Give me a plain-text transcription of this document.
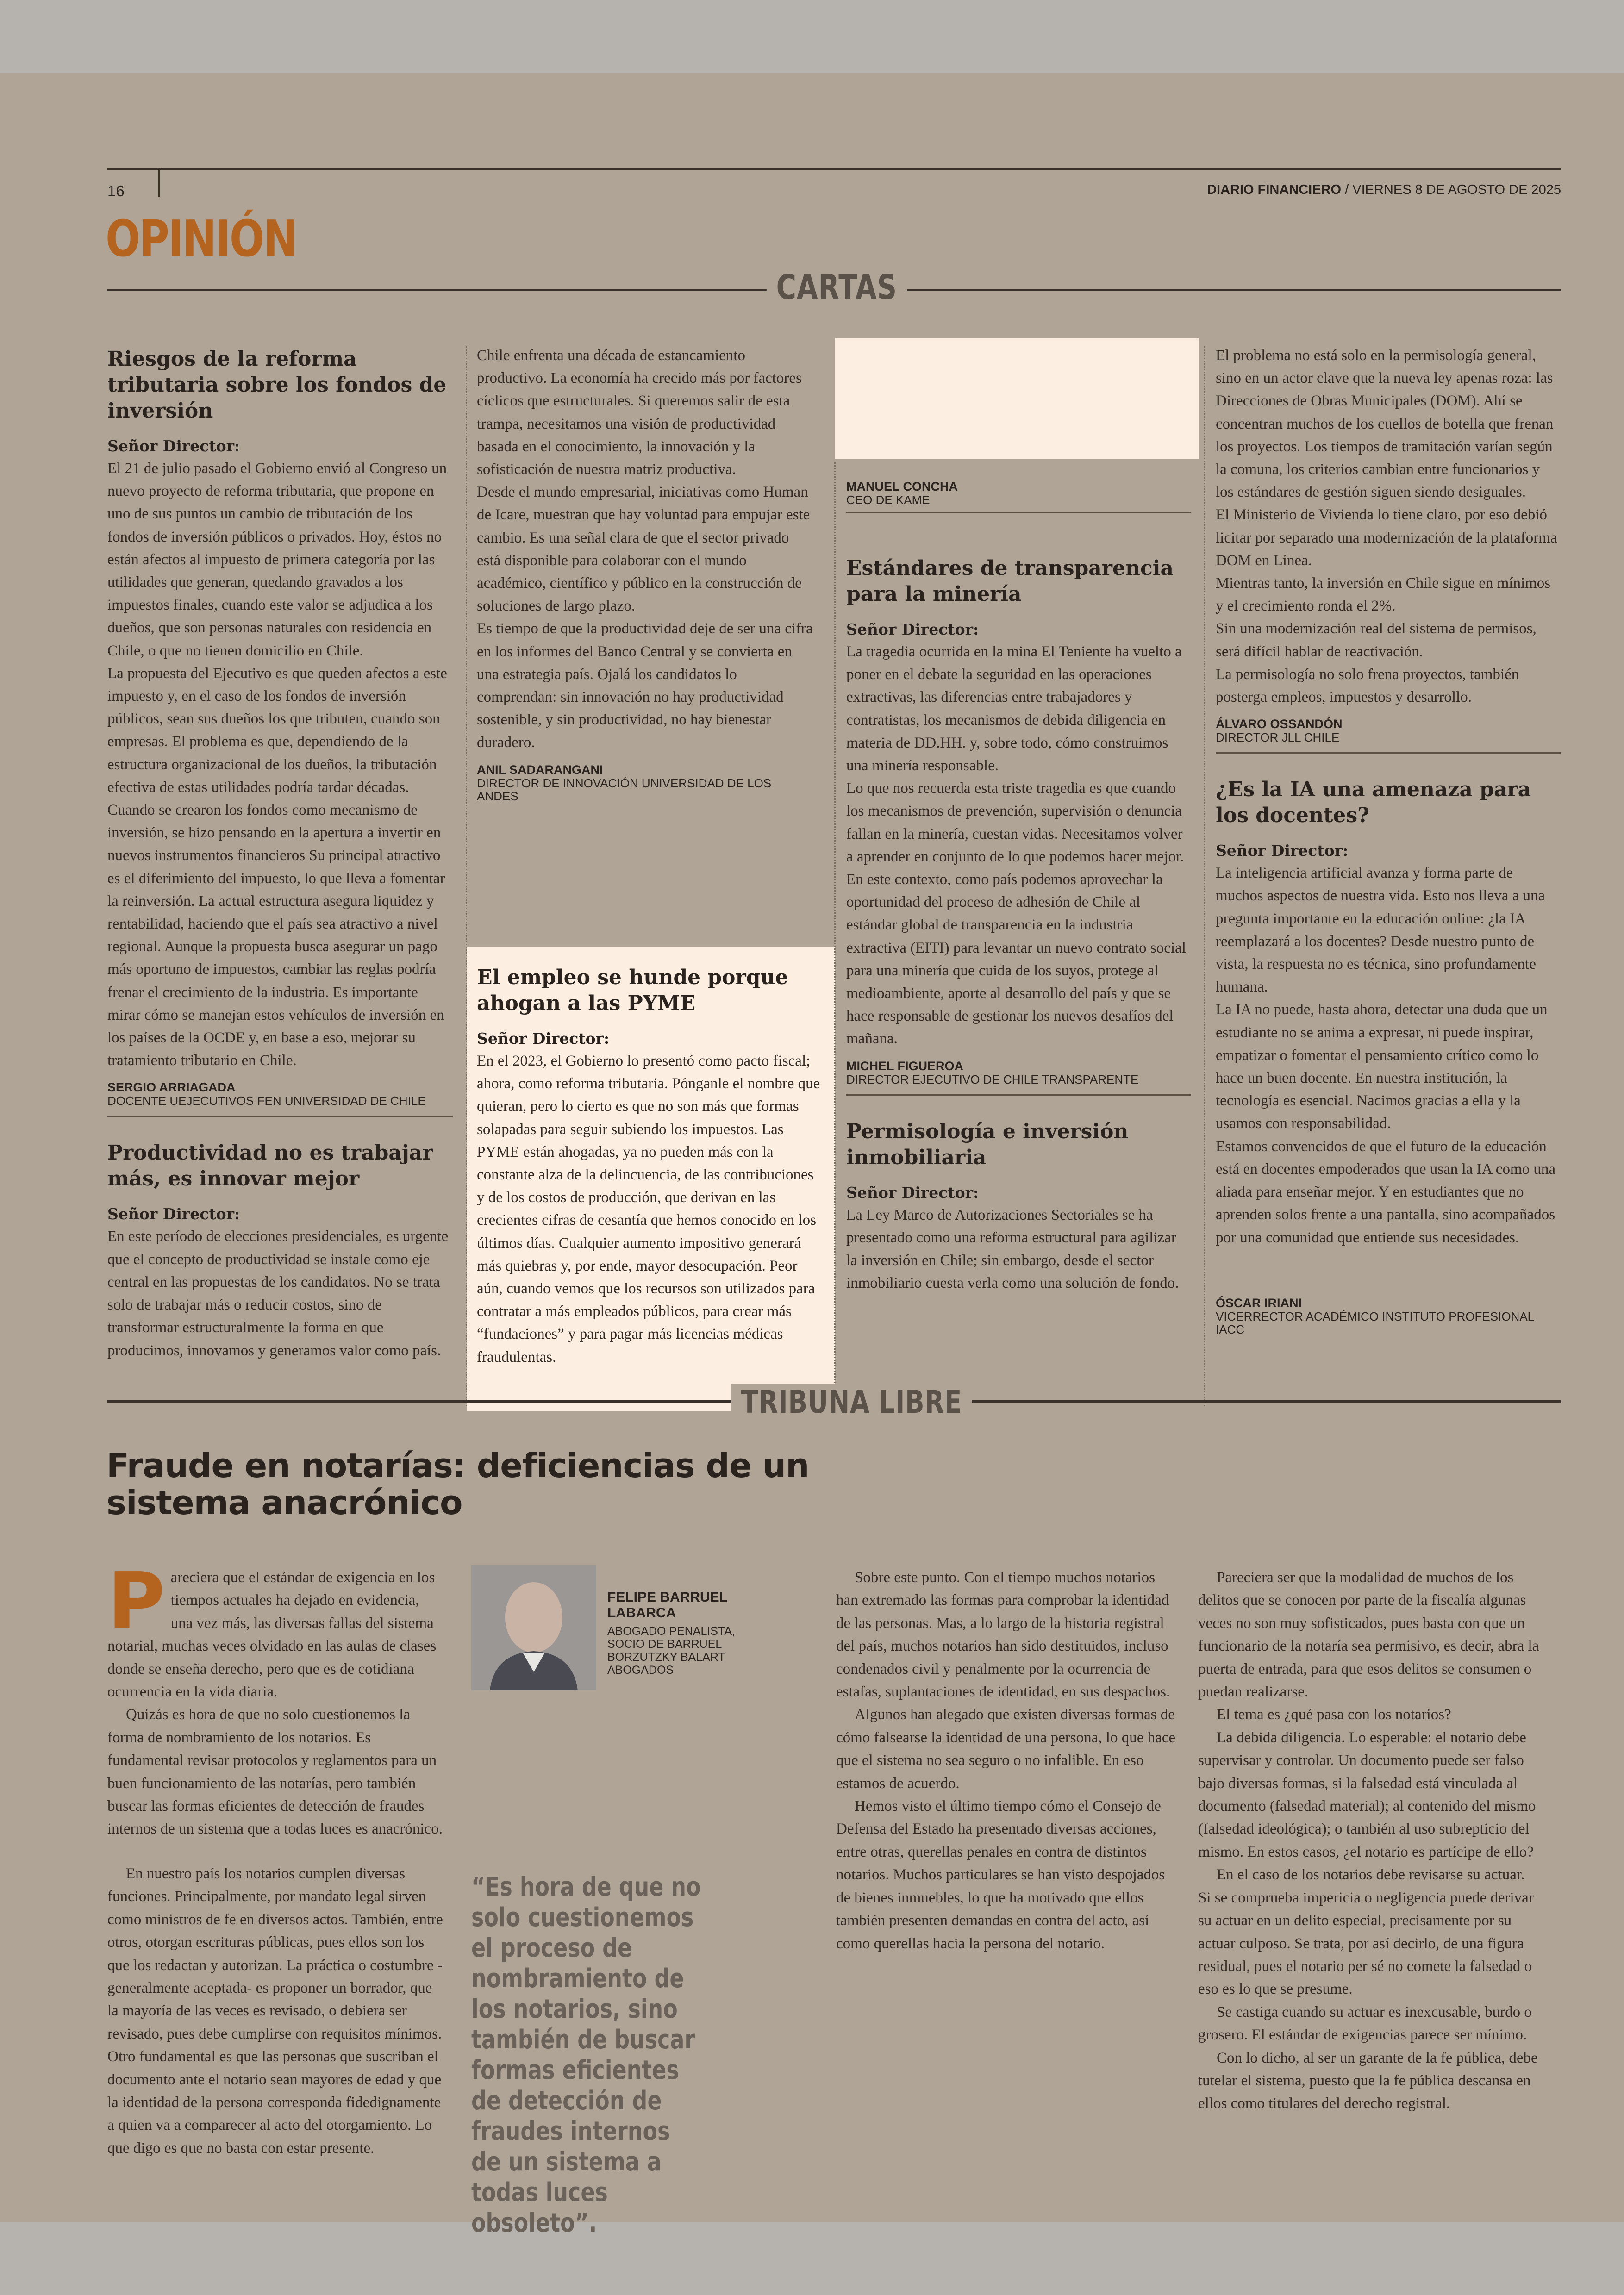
16	DIARIO FINANCIERO / VIERNES 8 DE AGOSTO DE 2025
OPINIÓN
CARTAS
Riesgos de la reforma tributaria sobre los fondos de inversión
Señor Director:

El 21 de julio pasado el Gobierno envió al Congreso un nuevo proyecto de reforma tributaria, que propone en uno de sus puntos un cambio de tributación de los fondos de inversión públicos o privados. Hoy, éstos no están afectos al impuesto de primera categoría por las utilidades que generan, quedando gravados a los impuestos finales, cuando este valor se adjudica a los dueños, que son personas naturales con residencia en Chile, o que no tienen domicilio en Chile.

La propuesta del Ejecutivo es que queden afectos a este impuesto y, en el caso de los fondos de inversión públicos, sean sus dueños los que tributen, cuando son empresas. El problema es que, dependiendo de la estructura organizacional de los dueños, la tributación efectiva de estas utilidades podría tardar décadas.

Cuando se crearon los fondos como mecanismo de inversión, se hizo pensando en la apertura a invertir en nuevos instrumentos financieros Su principal atractivo es el diferimiento del impuesto, lo que lleva a fomentar la reinversión. La actual estructura asegura liquidez y rentabilidad, haciendo que el país sea atractivo a nivel regional. Aunque la propuesta busca asegurar un pago más oportuno de impuestos, cambiar las reglas podría frenar el crecimiento de la industria. Es importante mirar cómo se manejan estos vehículos de inversión en los países de la OCDE y, en base a eso, mejorar su tratamiento tributario en Chile.

SERGIO ARRIAGADA
DOCENTE UEJECUTIVOS FEN UNIVERSIDAD DE CHILE
Productividad no es trabajar más, es innovar mejor
Señor Director:

En este período de elecciones presidenciales, es urgente que el concepto de productividad se instale como eje central en las propuestas de los candidatos. No se trata solo de trabajar más o reducir costos, sino de transformar estructuralmente la forma en que producimos, innovamos y generamos valor como país.

Chile enfrenta una década de estancamiento productivo. La economía ha crecido más por factores cíclicos que estructurales. Si queremos salir de esta trampa, necesitamos una visión de productividad basada en el conocimiento, la innovación y la sofisticación de nuestra matriz productiva.

Desde el mundo empresarial, iniciativas como Human de Icare, muestran que hay voluntad para empujar este cambio. Es una señal clara de que el sector privado está disponible para colaborar con el mundo académico, científico y público en la construcción de soluciones de largo plazo.

Es tiempo de que la productividad deje de ser una cifra en los informes del Banco Central y se convierta en una estrategia país. Ojalá los candidatos lo comprendan: sin innovación no hay productividad sostenible, y sin productividad, no hay bienestar duradero.

ANIL SADARANGANI
DIRECTOR DE INNOVACIÓN UNIVERSIDAD DE LOS ANDES
El empleo se hunde porque ahogan a las PYME
Señor Director:

En el 2023, el Gobierno lo presentó como pacto fiscal; ahora, como reforma tributaria. Pónganle el nombre que quieran, pero lo cierto es que no son más que formas solapadas para seguir subiendo los impuestos. Las PYME están ahogadas, ya no pueden más con la constante alza de la delincuencia, de las contribuciones y de los costos de producción, que derivan en las crecientes cifras de cesantía que hemos conocido en los últimos días. Cualquier aumento impositivo generará más quiebras y, por ende, mayor desocupación. Peor aún, cuando vemos que los recursos son utilizados para contratar a más empleados públicos, para crear más “fundaciones” y para pagar más licencias médicas fraudulentas.

MANUEL CONCHA
CEO DE KAME
Estándares de transparencia para la minería
Señor Director:

La tragedia ocurrida en la mina El Teniente ha vuelto a poner en el debate la seguridad en las operaciones extractivas, las diferencias entre trabajadores y contratistas, los mecanismos de debida diligencia en materia de DD.HH. y, sobre todo, cómo construimos una minería responsable.

Lo que nos recuerda esta triste tragedia es que cuando los mecanismos de prevención, supervisión o denuncia fallan en la minería, cuestan vidas. Necesitamos volver a aprender en conjunto de lo que podemos hacer mejor.

En este contexto, como país podemos aprovechar la oportunidad del proceso de adhesión de Chile al estándar global de transparencia en la industria extractiva (EITI) para levantar un nuevo contrato social para una minería que cuida de los suyos, protege al medioambiente, aporte al desarrollo del país y que se hace responsable de gestionar los nuevos desafíos del mañana.

MICHEL FIGUEROA
DIRECTOR EJECUTIVO DE CHILE TRANSPARENTE
Permisología e inversión inmobiliaria
Señor Director:

La Ley Marco de Autorizaciones Sectoriales se ha presentado como una reforma estructural para agilizar la inversión en Chile; sin embargo, desde el sector inmobiliario cuesta verla como una solución de fondo.

El problema no está solo en la permisología general, sino en un actor clave que la nueva ley apenas roza: las Direcciones de Obras Municipales (DOM). Ahí se concentran muchos de los cuellos de botella que frenan los proyectos. Los tiempos de tramitación varían según la comuna, los criterios cambian entre funcionarios y los estándares de gestión siguen siendo desiguales.

El Ministerio de Vivienda lo tiene claro, por eso debió licitar por separado una modernización de la plataforma DOM en Línea.

Mientras tanto, la inversión en Chile sigue en mínimos y el crecimiento ronda el 2%.

Sin una modernización real del sistema de permisos, será difícil hablar de reactivación.

La permisología no solo frena proyectos, también posterga empleos, impuestos y desarrollo.

ÁLVARO OSSANDÓN
DIRECTOR JLL CHILE
¿Es la IA una amenaza para los docentes?
Señor Director:

La inteligencia artificial avanza y forma parte de muchos aspectos de nuestra vida. Esto nos lleva a una pregunta importante en la educación online: ¿la IA reemplazará a los docentes? Desde nuestro punto de vista, la respuesta no es técnica, sino profundamente humana.

La IA no puede, hasta ahora, detectar una duda que un estudiante no se anima a expresar, ni puede inspirar, empatizar o fomentar el pensamiento crítico como lo hace un buen docente. En nuestra institución, la tecnología es esencial. Nacimos gracias a ella y la usamos con responsabilidad.

Estamos convencidos de que el futuro de la educación está en docentes empoderados que usan la IA como una aliada para enseñar mejor. Y en estudiantes que no aprenden solos frente a una pantalla, sino acompañados por una comunidad que entiende sus necesidades.

ÓSCAR IRIANI
VICERRECTOR ACADÉMICO INSTITUTO PROFESIONAL IACC
TRIBUNA LIBRE
Fraude en notarías: deficiencias de un sistema anacrónico
FELIPE BARRUEL LABARCA
ABOGADO PENALISTA, SOCIO DE BARRUEL BORZUTZKY BALART ABOGADOS
“Es hora de que no solo cuestionemos el proceso de nombramiento de los notarios, sino también de buscar formas eficientes de detección de fraudes internos de un sistema a todas luces obsoleto”.
P areciera que el estándar de exigencia en los tiempos actuales ha dejado en evidencia, una vez más, las diversas fallas del sistema notarial, muchas veces olvidado en las aulas de clases donde se enseña derecho, pero que es de cotidiana ocurrencia en la vida diaria.

Quizás es hora de que no solo cuestionemos la forma de nombramiento de los notarios. Es fundamental revisar protocolos y reglamentos para un buen funcionamiento de las notarías, pero también buscar las formas eficientes de detección de fraudes internos de un sistema que a todas luces es anacrónico.

En nuestro país los notarios cumplen diversas funciones. Principalmente, por mandato legal sirven como ministros de fe en diversos actos. También, entre otros, otorgan escrituras públicas, pues ellos son los que los redactan y autorizan. La práctica o costumbre -generalmente aceptada- es proponer un borrador, que la mayoría de las veces es revisado, o debiera ser revisado, pues debe cumplirse con requisitos mínimos. Otro fundamental es que las personas que suscriban el documento ante el notario sean mayores de edad y que la identidad de la persona corresponda fidedignamente a quien va a comparecer al acto del otorgamiento. Lo que digo es que no basta con estar presente.

Sobre este punto. Con el tiempo muchos notarios han extremado las formas para comprobar la identidad de las personas. Mas, a lo largo de la historia registral del país, muchos notarios han sido destituidos, incluso condenados civil y penalmente por la ocurrencia de estafas, suplantaciones de identidad, en sus despachos.

Algunos han alegado que existen diversas formas de cómo falsearse la identidad de una persona, lo que hace que el sistema no sea seguro o no infalible. En eso estamos de acuerdo.

Hemos visto el último tiempo cómo el Consejo de Defensa del Estado ha presentado diversas acciones, entre otras, querellas penales en contra de distintos notarios. Muchos particulares se han visto despojados de bienes inmuebles, lo que ha motivado que ellos también presenten demandas en contra del acto, así como querellas hacia la persona del notario.

Pareciera ser que la modalidad de muchos de los delitos que se conocen por parte de la fiscalía algunas veces no son muy sofisticados, pues basta con que un funcionario de la notaría sea permisivo, es decir, abra la puerta de entrada, para que esos delitos se consumen o puedan realizarse.

El tema es ¿qué pasa con los notarios?

La debida diligencia. Lo esperable: el notario debe supervisar y controlar. Un documento puede ser falso bajo diversas formas, si la falsedad está vinculada al documento (falsedad material); al contenido del mismo (falsedad ideológica); o también al uso subrepticio del mismo. En estos casos, ¿el notario es partícipe de ello?

En el caso de los notarios debe revisarse su actuar. Si se comprueba impericia o negligencia puede derivar su actuar en un delito especial, precisamente por su actuar culposo. Se trata, por así decirlo, de una figura residual, pues el notario per sé no comete la falsedad o eso es lo que se presume.

Se castiga cuando su actuar es inexcusable, burdo o grosero. El estándar de exigencias parece ser mínimo.

Con lo dicho, al ser un garante de la fe pública, debe tutelar el sistema, puesto que la fe pública descansa en ellos como titulares del derecho registral.
